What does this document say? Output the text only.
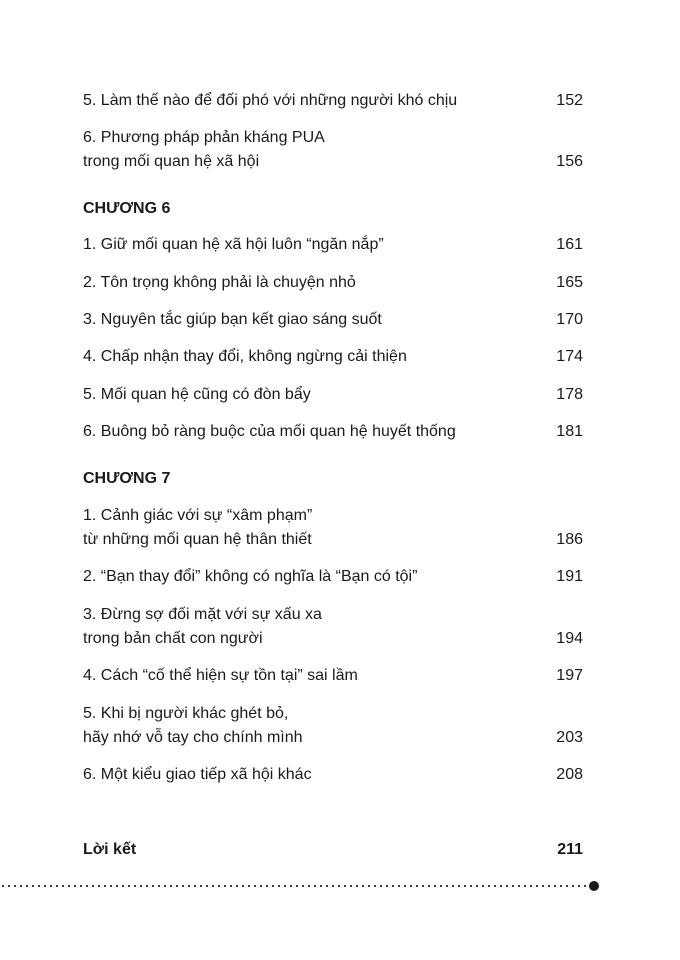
5. Làm thế nào để đối phó với những người khó chịu	152
6. Phương pháp phản kháng PUA
trong mối quan hệ xã hội	156
CHƯƠNG 6
1. Giữ mối quan hệ xã hội luôn “ngăn nắp”	161
2. Tôn trọng không phải là chuyện nhỏ	165
3. Nguyên tắc giúp bạn kết giao sáng suốt	170
4. Chấp nhận thay đổi, không ngừng cải thiện	174
5. Mối quan hệ cũng có đòn bẩy	178
6. Buông bỏ ràng buộc của mối quan hệ huyết thống	181
CHƯƠNG 7
1. Cảnh giác với sự “xâm phạm”
từ những mối quan hệ thân thiết	186
2. “Bạn thay đổi” không có nghĩa là “Bạn có tội”	191
3. Đừng sợ đối mặt với sự xấu xa
trong bản chất con người	194
4. Cách “cố thể hiện sự tồn tại” sai lầm	197
5. Khi bị người khác ghét bỏ,
hãy nhớ vỗ tay cho chính mình	203
6. Một kiểu giao tiếp xã hội khác	208
Lời kết	211
